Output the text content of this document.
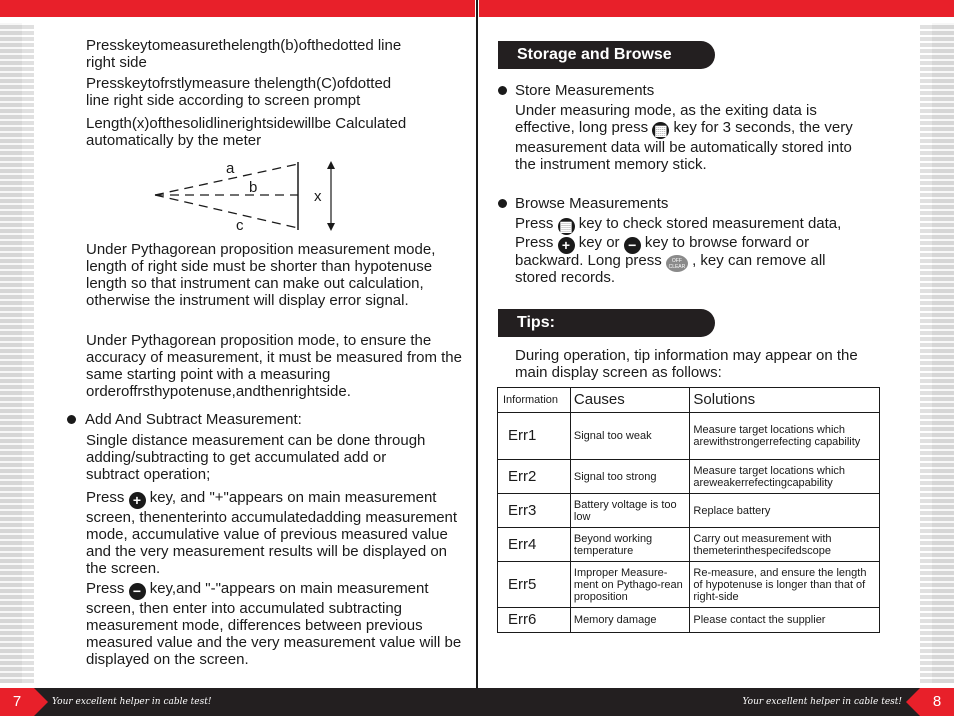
Presskeytomeasurethelength(b)ofthedotted line right side
Presskeytofrstlymeasure thelength(C)ofdotted line right side according to screen prompt
Length(x)ofthesolidlinerightsidewillbe Calculated automatically by the meter
a
b
c
x
Under Pythagorean proposition measurement mode, length of right side must be shorter than hypotenuse length so that instrument can make out calculation, otherwise the instrument will display error signal.
Under Pythagorean proposition mode, to ensure the accuracy of measurement, it must be measured from the same starting point with a measuring orderoffrsthypotenuse,andthenrightside.
Add And Subtract Measurement:
Single distance measurement can be done through adding/subtracting to get accumulated add or subtract operation;
Press + key, and "+"appears on main measurement screen, thenenterinto accumulatedadding measurement mode, accumulative value of previous measured value and the very measurement results will be displayed on the screen.
Press − key,and "-"appears on main measurement screen, then enter into accumulated subtracting measurement mode, differences between previous measured value and the very measurement value will be displayed on the screen.
Storage and Browse
Store Measurements
Under measuring mode, as the exiting data is effective, long press ▦ key for 3 seconds, the very measurement data will be automatically stored into the instrument memory stick.
Browse Measurements
Press ▦ key to check stored measurement data,
Press + key or − key to browse forward or
backward. Long press OFF CLEAR , key can remove all
stored records.
Tips:
During operation, tip information may appear on the main display screen as follows:
Information	Causes	Solutions
Err1	Signal too weak	Measure target locations which arewithstrongerrefecting capability
Err2	Signal too strong	Measure target locations which areweakerrefectingcapability
Err3	Battery voltage is too low	Replace battery
Err4	Beyond working temperature	Carry out measurement with themeterinthespecifedscope
Err5	Improper Measure-ment on Pythago-rean proposition	Re-measure, and ensure the length of hypotenuse is longer than that of right-side
Err6	Memory damage	Please contact the supplier
7	Your excellent helper in cable test!	Your excellent helper in cable test!	8
